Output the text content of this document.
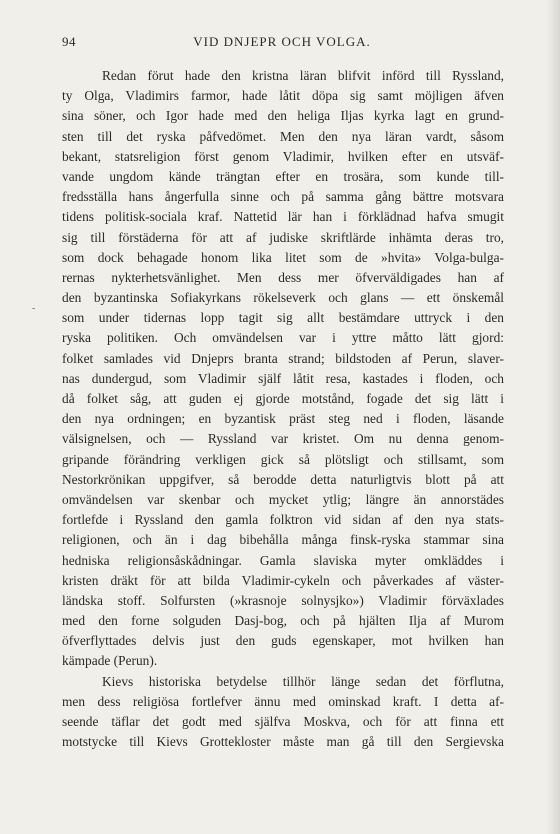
94	VID DNJEPR OCH VOLGA.
-
Redan förut hade den kristna läran blifvit införd till Ryssland,
ty Olga, Vladimirs farmor, hade låtit döpa sig samt möjligen äfven
sina söner, och Igor hade med den heliga Iljas kyrka lagt en grund-
sten till det ryska påfvedömet. Men den nya läran vardt, såsom
bekant, statsreligion först genom Vladimir, hvilken efter en utsväf-
vande ungdom kände trängtan efter en trosära, som kunde till-
fredsställa hans ångerfulla sinne och på samma gång bättre motsvara
tidens politisk-sociala kraf. Nattetid lär han i förklädnad hafva smugit
sig till förstäderna för att af judiske skriftlärde inhämta deras tro,
som dock behagade honom lika litet som de »hvita» Volga-bulga-
rernas nykterhetsvänlighet. Men dess mer öfverväldigades han af
den byzantinska Sofiakyrkans rökelseverk och glans — ett önskemål
som under tidernas lopp tagit sig allt bestämdare uttryck i den
ryska politiken. Och omvändelsen var i yttre måtto lätt gjord:
folket samlades vid Dnjeprs branta strand; bildstoden af Perun, slaver-
nas dundergud, som Vladimir själf låtit resa, kastades i floden, och
då folket såg, att guden ej gjorde motstånd, fogade det sig lätt i
den nya ordningen; en byzantisk präst steg ned i floden, läsande
välsignelsen, och — Ryssland var kristet. Om nu denna genom-
gripande förändring verkligen gick så plötsligt och stillsamt, som
Nestorkrönikan uppgifver, så berodde detta naturligtvis blott på att
omvändelsen var skenbar och mycket ytlig; längre än annorstädes
fortlefde i Ryssland den gamla folktron vid sidan af den nya stats-
religionen, och än i dag bibehålla många finsk-ryska stammar sina
hedniska religionsåskådningar. Gamla slaviska myter omkläddes i
kristen dräkt för att bilda Vladimir-cykeln och påverkades af väster-
ländska stoff. Solfursten (»krasnoje solnysjko») Vladimir förväxlades
med den forne solguden Dasj-bog, och på hjälten Ilja af Murom
öfverflyttades delvis just den guds egenskaper, mot hvilken han
kämpade (Perun).
Kievs historiska betydelse tillhör länge sedan det förflutna,
men dess religiösa fortlefver ännu med ominskad kraft. I detta af-
seende täflar det godt med själfva Moskva, och för att finna ett
motstycke till Kievs Grottekloster måste man gå till den Sergievska
